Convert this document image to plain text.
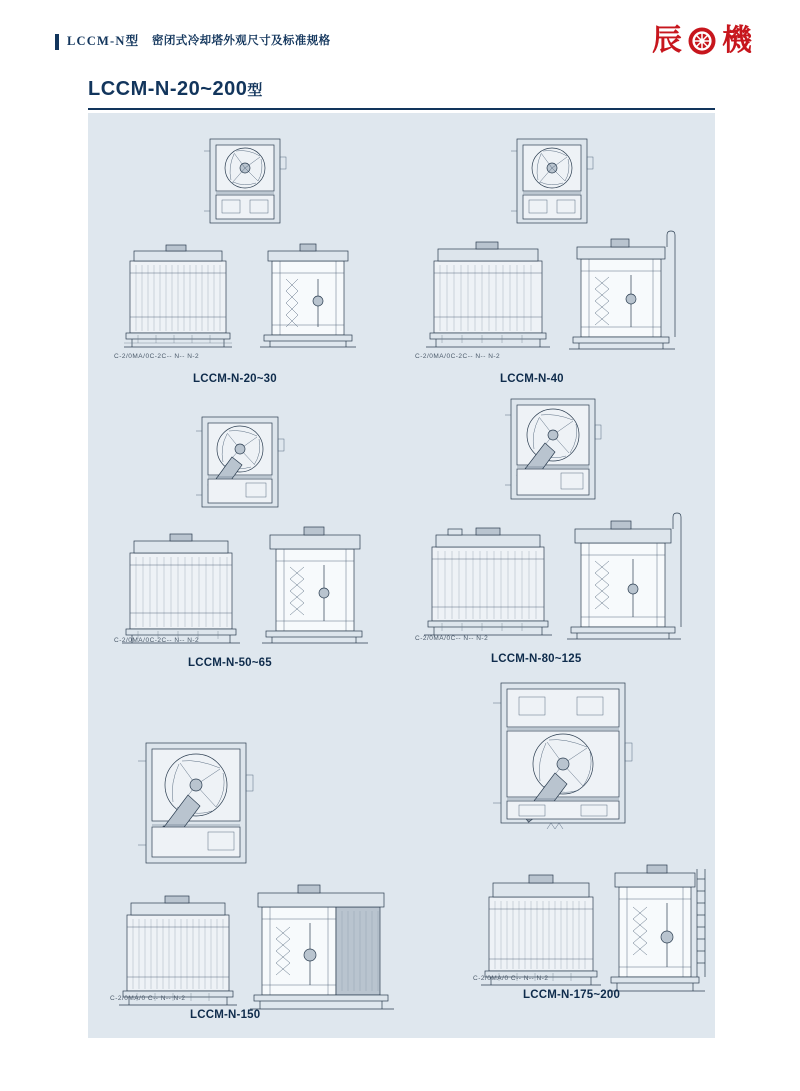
LCCM-N型 密闭式冷却塔外观尺寸及标准规格	辰 機
LCCM-N-20~200型
C-2/0MA/0C-2C-- N-- N-2
LCCM-N-20~30
C-2/0MA/0C-2C-- N-- N-2
LCCM-N-40
C-2/0MA/0C-2C-- N-- N-2
LCCM-N-50~65
C-2/0MA/0C-- N-- N-2
LCCM-N-80~125
C-2/0MA/0 C-- N-- N-2
LCCM-N-150
C-2/0MA/0 C-- N-- N-2
LCCM-N-175~200
